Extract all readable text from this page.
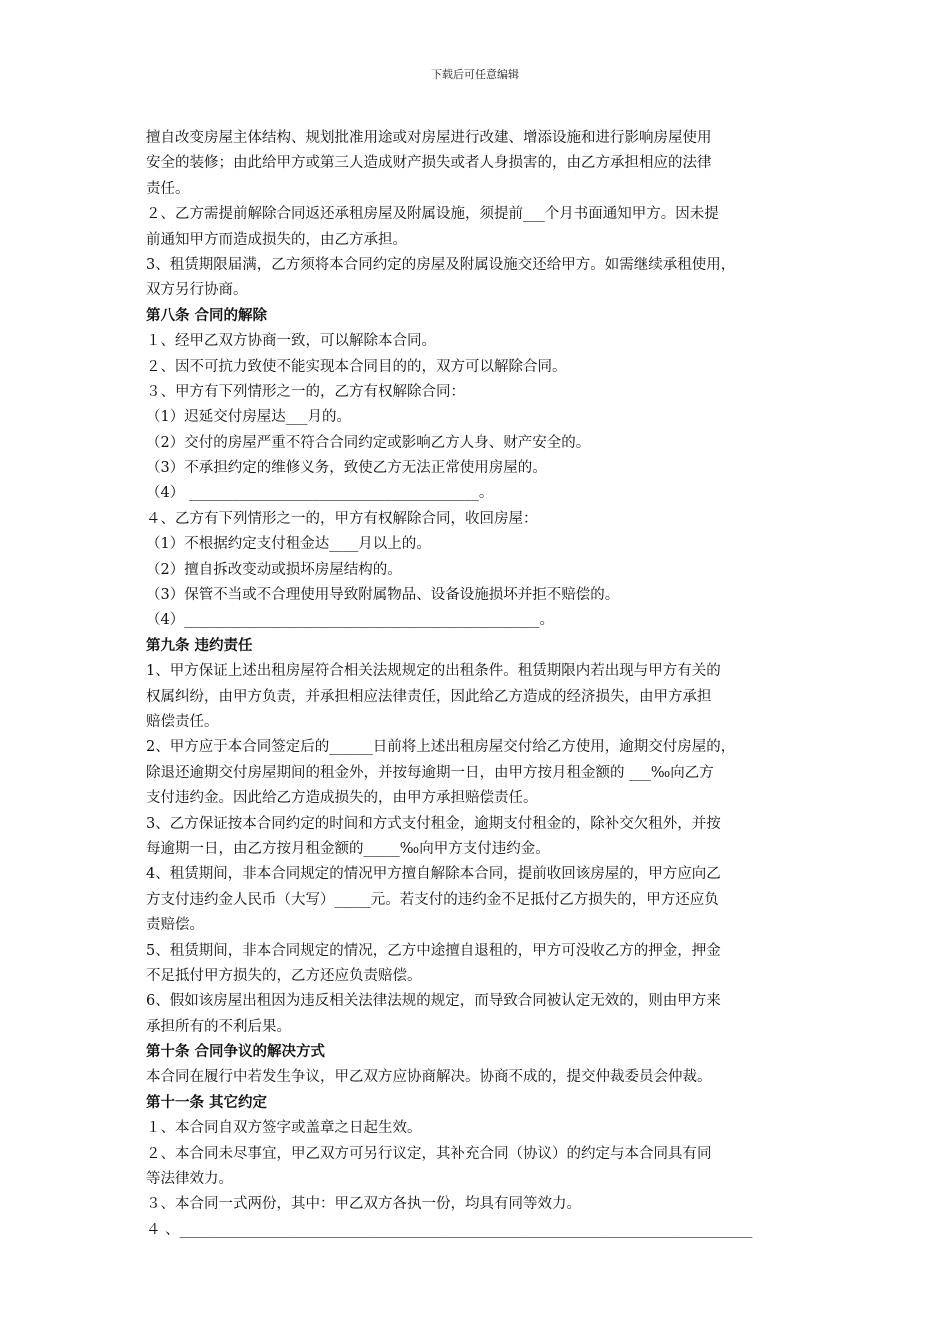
下载后可任意编辑
擅自改变房屋主体结构、规划批准用途或对房屋进行改建、增添设施和进行影响房屋使用
安全的装修；由此给甲方或第三人造成财产损失或者人身损害的，由乙方承担相应的法律
责任。
２、乙方需提前解除合同返还承租房屋及附属设施，须提前___个月书面通知甲方。因未提
前通知甲方而造成损失的，由乙方承担。
3、租赁期限届满，乙方须将本合同约定的房屋及附属设施交还给甲方。如需继续承租使用，
双方另行协商。
第八条 合同的解除
１、经甲乙双方协商一致，可以解除本合同。
２、因不可抗力致使不能实现本合同目的的，双方可以解除合同。
３、甲方有下列情形之一的，乙方有权解除合同：
（1）迟延交付房屋达___月的。
（2）交付的房屋严重不符合合同约定或影响乙方人身、财产安全的。
（3）不承担约定的维修义务，致使乙方无法正常使用房屋的。
（4） ________________________________________。
４、乙方有下列情形之一的，甲方有权解除合同，收回房屋：
（1）不根据约定支付租金达____月以上的。
（2）擅自拆改变动或损坏房屋结构的。
（3）保管不当或不合理使用导致附属物品、设备设施损坏并拒不赔偿的。
（4）_________________________________________________。
第九条 违约责任
1、甲方保证上述出租房屋符合相关法规规定的出租条件。租赁期限内若出现与甲方有关的
权属纠纷，由甲方负责，并承担相应法律责任，因此给乙方造成的经济损失，由甲方承担
赔偿责任。
2、甲方应于本合同签定后的______日前将上述出租房屋交付给乙方使用，逾期交付房屋的，
除退还逾期交付房屋期间的租金外，并按每逾期一日，由甲方按月租金额的 ___‰向乙方
支付违约金。因此给乙方造成损失的，由甲方承担赔偿责任。
3、乙方保证按本合同约定的时间和方式支付租金，逾期支付租金的，除补交欠租外，并按
每逾期一日，由乙方按月租金额的_____‰向甲方支付违约金。
4、租赁期间，非本合同规定的情况甲方擅自解除本合同，提前收回该房屋的，甲方应向乙
方支付违约金人民币（大写）_____元。若支付的违约金不足抵付乙方损失的，甲方还应负
责赔偿。
5、租赁期间，非本合同规定的情况，乙方中途擅自退租的，甲方可没收乙方的押金，押金
不足抵付甲方损失的，乙方还应负责赔偿。
6、假如该房屋出租因为违反相关法律法规的规定，而导致合同被认定无效的，则由甲方来
承担所有的不利后果。
第十条 合同争议的解决方式
本合同在履行中若发生争议，甲乙双方应协商解决。协商不成的，提交仲裁委员会仲裁。
第十一条 其它约定
１、本合同自双方签字或盖章之日起生效。
２、本合同未尽事宜，甲乙双方可另行议定，其补充合同（协议）的约定与本合同具有同
等法律效力。
３、本合同一式两份，其中：甲乙双方各执一份，均具有同等效力。
４ 、_______________________________________________________________________________
